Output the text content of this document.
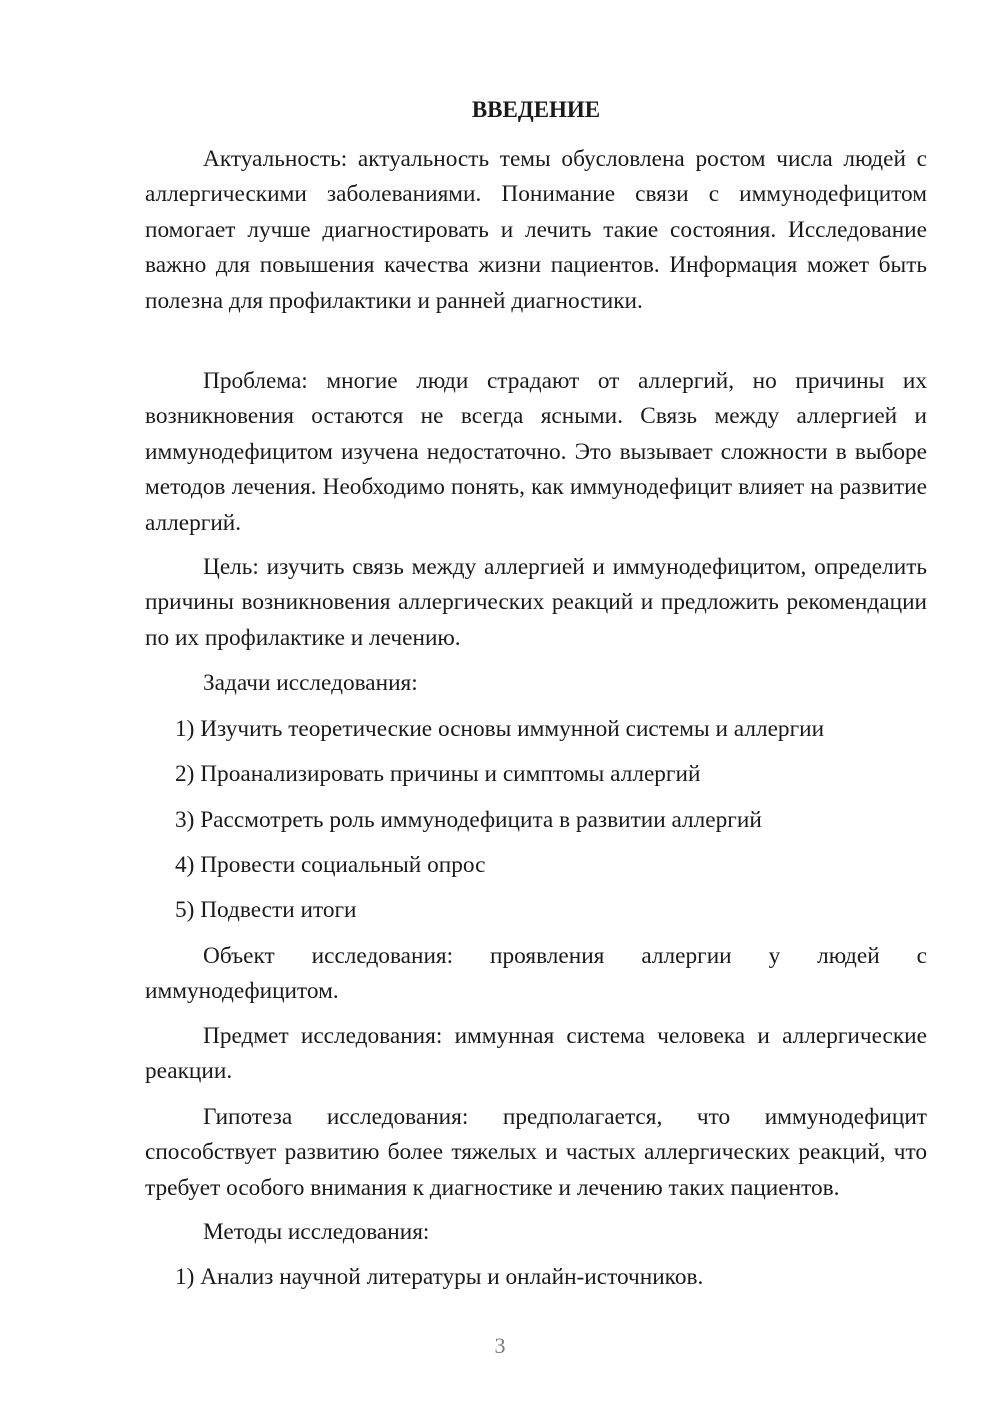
ВВЕДЕНИЕ

Актуальность: актуальность темы обусловлена ростом числа людей с аллергическими заболеваниями. Понимание связи с иммунодефицитом помогает лучше диагностировать и лечить такие состояния. Исследование важно для повышения качества жизни пациентов. Информация может быть полезна для профилактики и ранней диагностики.

Проблема: многие люди страдают от аллергий, но причины их возникновения остаются не всегда ясными. Связь между аллергией и иммунодефицитом изучена недостаточно. Это вызывает сложности в выборе методов лечения. Необходимо понять, как иммунодефицит влияет на развитие аллергий.

Цель: изучить связь между аллергией и иммунодефицитом, определить причины возникновения аллергических реакций и предложить рекомендации по их профилактике и лечению.

Задачи исследования:

1) Изучить теоретические основы иммунной системы и аллергии

2) Проанализировать причины и симптомы аллергий

3) Рассмотреть роль иммунодефицита в развитии аллергий

4) Провести социальный опрос

5) Подвести итоги

Объект исследования: проявления аллергии у людей с иммунодефицитом.

Предмет исследования: иммунная система человека и аллергические реакции.

Гипотеза исследования: предполагается, что иммунодефицит способствует развитию более тяжелых и частых аллергических реакций, что требует особого внимания к диагностике и лечению таких пациентов.

Методы исследования:

1) Анализ научной литературы и онлайн-источников.

3
